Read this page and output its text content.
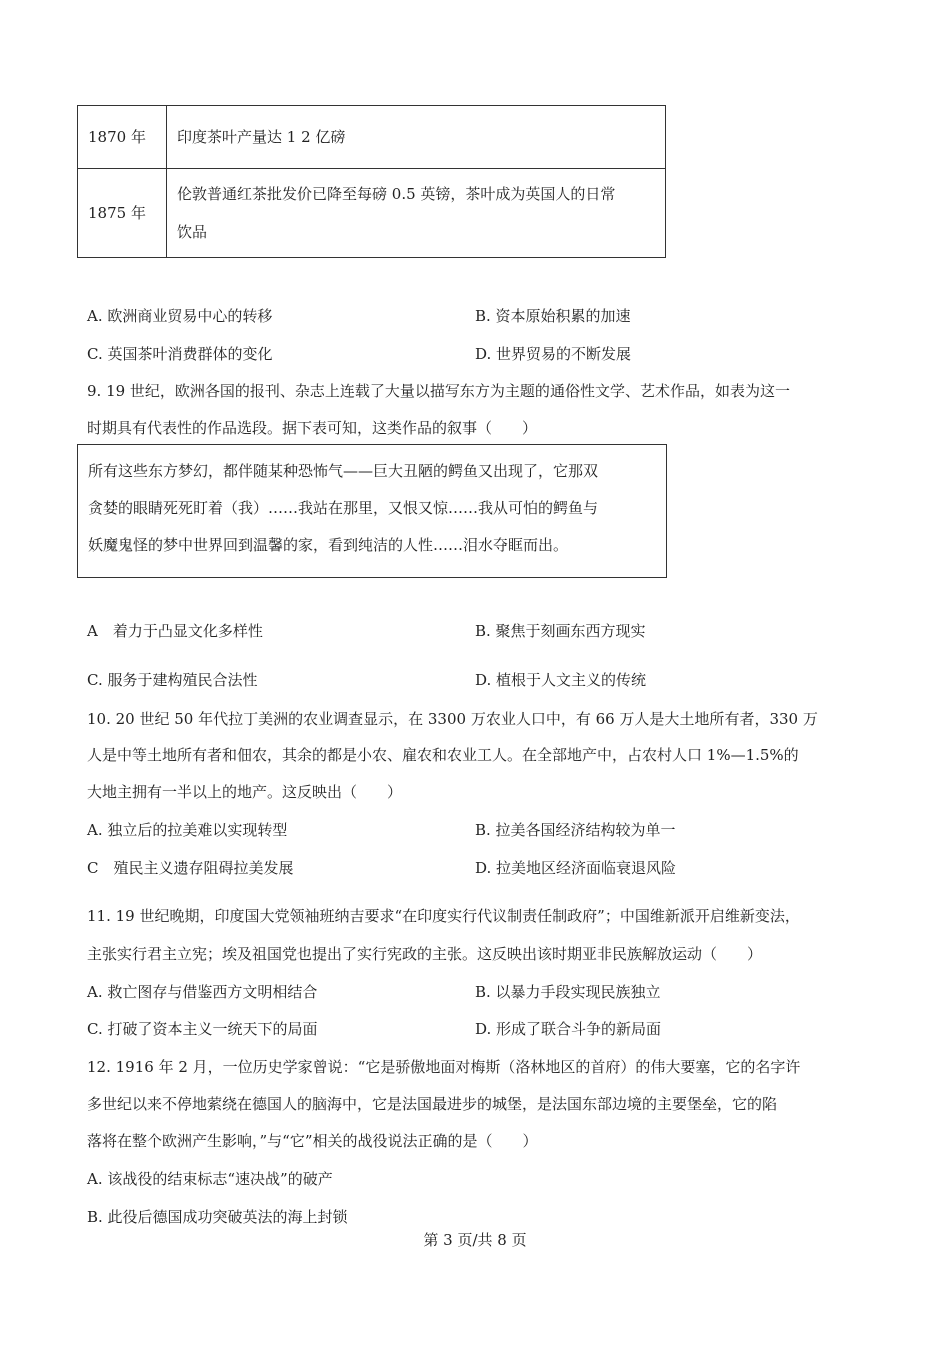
1870 年	印度茶叶产量达 1 2 亿磅
1875 年	伦敦普通红茶批发价已降至每磅 0.5 英镑，茶叶成为英国人的日常
饮品
A. 欧洲商业贸易中心的转移	B. 资本原始积累的加速
C. 英国茶叶消费群体的变化	D. 世界贸易的不断发展
9. 19 世纪，欧洲各国的报刊、杂志上连载了大量以描写东方为主题的通俗性文学、艺术作品，如表为这一
时期具有代表性的作品选段。据下表可知，这类作品的叙事（　　）
所有这些东方梦幻，都伴随某种恐怖气——巨大丑陋的鳄鱼又出现了，它那双
贪婪的眼睛死死盯着（我）……我站在那里，又恨又惊……我从可怕的鳄鱼与
妖魔鬼怪的梦中世界回到温馨的家，看到纯洁的人性……泪水夺眶而出。
A　着力于凸显文化多样性	B. 聚焦于刻画东西方现实
C. 服务于建构殖民合法性	D. 植根于人文主义的传统
10. 20 世纪 50 年代拉丁美洲的农业调查显示，在 3300 万农业人口中，有 66 万人是大土地所有者，330 万
人是中等土地所有者和佃农，其余的都是小农、雇农和农业工人。在全部地产中，占农村人口 1%—1.5%的
大地主拥有一半以上的地产。这反映出（　　）
A. 独立后的拉美难以实现转型	B. 拉美各国经济结构较为单一
C　殖民主义遗存阻碍拉美发展	D. 拉美地区经济面临衰退风险
11. 19 世纪晚期，印度国大党领袖班纳吉要求“在印度实行代议制责任制政府”；中国维新派开启维新变法，
主张实行君主立宪；埃及祖国党也提出了实行宪政的主张。这反映出该时期亚非民族解放运动（　　）
A. 救亡图存与借鉴西方文明相结合	B. 以暴力手段实现民族独立
C. 打破了资本主义一统天下的局面	D. 形成了联合斗争的新局面
12. 1916 年 2 月，一位历史学家曾说：“它是骄傲地面对梅斯（洛林地区的首府）的伟大要塞，它的名字许
多世纪以来不停地萦绕在德国人的脑海中，它是法国最进步的城堡，是法国东部边境的主要堡垒，它的陷
落将在整个欧洲产生影响，”与“它”相关的战役说法正确的是（　　）
A. 该战役的结束标志“速决战”的破产
B. 此役后德国成功突破英法的海上封锁
第 3 页/共 8 页
